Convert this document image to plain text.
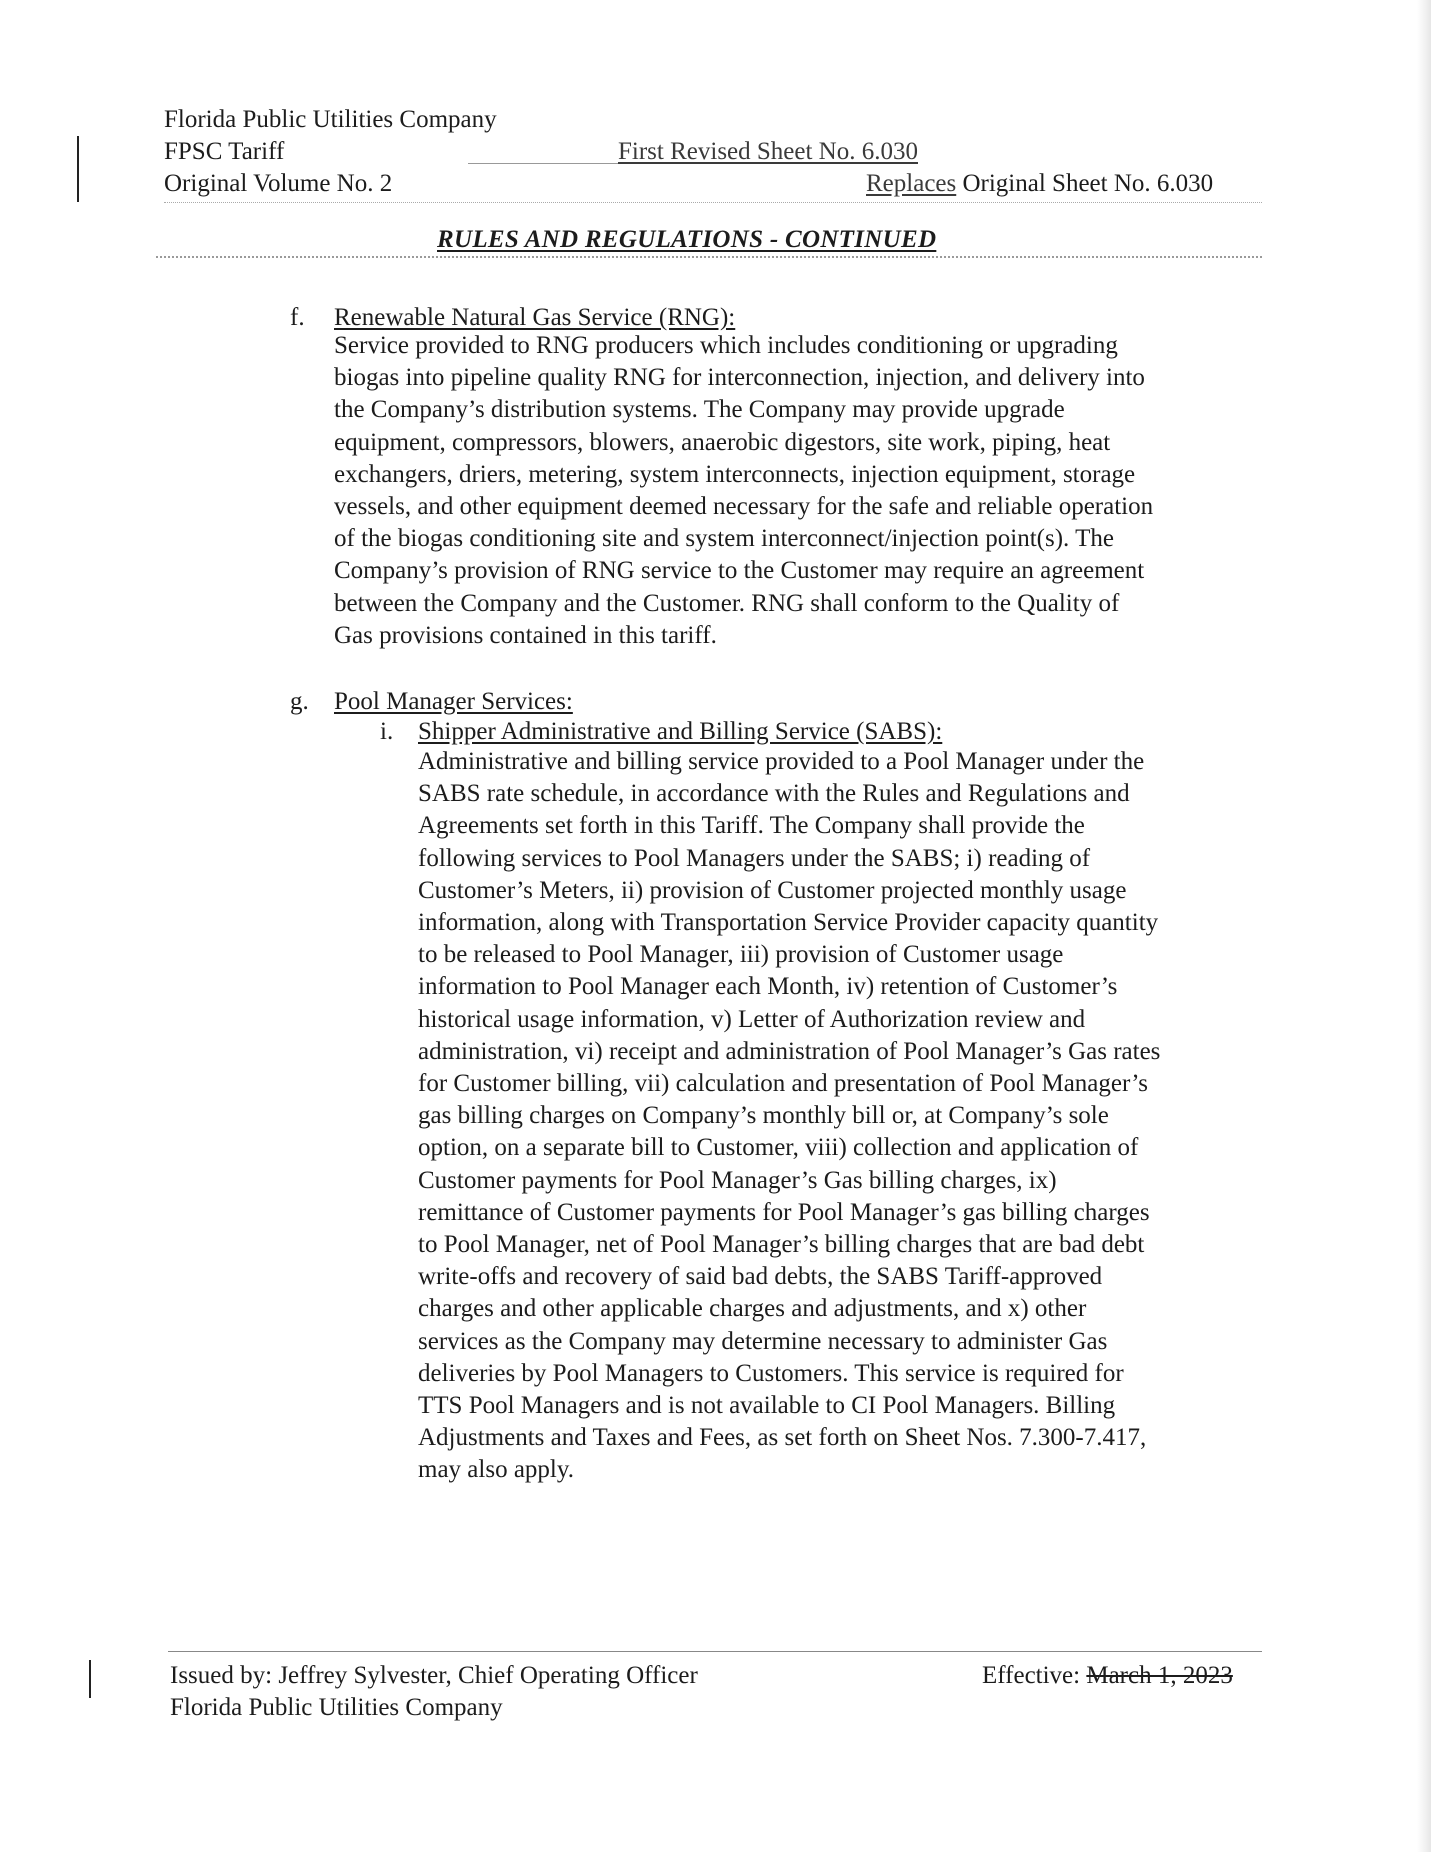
Florida Public Utilities Company
FPSC Tariff
Original Volume No. 2
First Revised Sheet No. 6.030
Replaces Original Sheet No. 6.030
RULES AND REGULATIONS - CONTINUED
f. Renewable Natural Gas Service (RNG):
Service provided to RNG producers which includes conditioning or upgrading
biogas into pipeline quality RNG for interconnection, injection, and delivery into
the Company’s distribution systems. The Company may provide upgrade
equipment, compressors, blowers, anaerobic digestors, site work, piping, heat
exchangers, driers, metering, system interconnects, injection equipment, storage
vessels, and other equipment deemed necessary for the safe and reliable operation
of the biogas conditioning site and system interconnect/injection point(s). The
Company’s provision of RNG service to the Customer may require an agreement
between the Company and the Customer. RNG shall conform to the Quality of
Gas provisions contained in this tariff.
g. Pool Manager Services:
i. Shipper Administrative and Billing Service (SABS):
Administrative and billing service provided to a Pool Manager under the
SABS rate schedule, in accordance with the Rules and Regulations and
Agreements set forth in this Tariff. The Company shall provide the
following services to Pool Managers under the SABS; i) reading of
Customer’s Meters, ii) provision of Customer projected monthly usage
information, along with Transportation Service Provider capacity quantity
to be released to Pool Manager, iii) provision of Customer usage
information to Pool Manager each Month, iv) retention of Customer’s
historical usage information, v) Letter of Authorization review and
administration, vi) receipt and administration of Pool Manager’s Gas rates
for Customer billing, vii) calculation and presentation of Pool Manager’s
gas billing charges on Company’s monthly bill or, at Company’s sole
option, on a separate bill to Customer, viii) collection and application of
Customer payments for Pool Manager’s Gas billing charges, ix)
remittance of Customer payments for Pool Manager’s gas billing charges
to Pool Manager, net of Pool Manager’s billing charges that are bad debt
write-offs and recovery of said bad debts, the SABS Tariff-approved
charges and other applicable charges and adjustments, and x) other
services as the Company may determine necessary to administer Gas
deliveries by Pool Managers to Customers. This service is required for
TTS Pool Managers and is not available to CI Pool Managers. Billing
Adjustments and Taxes and Fees, as set forth on Sheet Nos. 7.300-7.417,
may also apply.
Issued by: Jeffrey Sylvester, Chief Operating Officer
Florida Public Utilities Company
Effective: March 1, 2023
